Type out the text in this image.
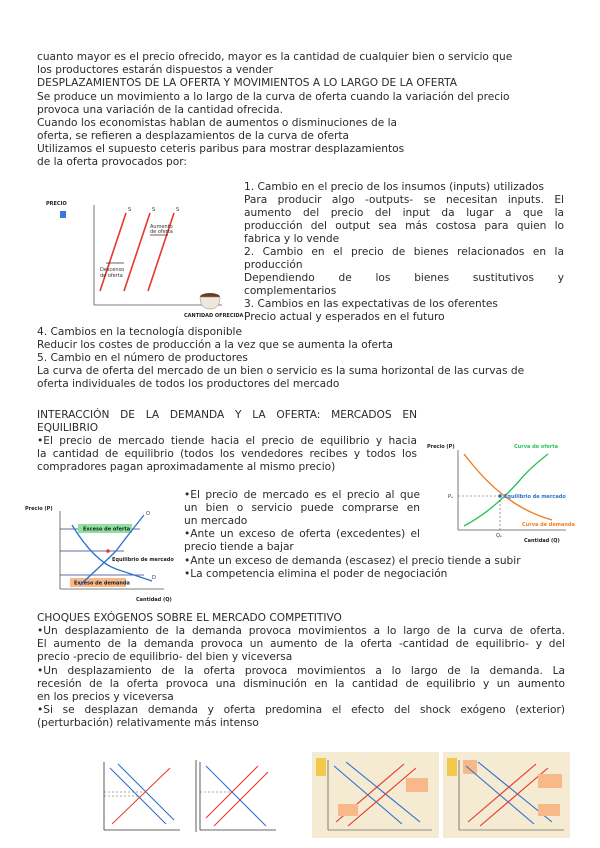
cuanto mayor es el precio ofrecido, mayor es la cantidad de cualquier bien o servicio que
los productores estarán dispuestos a vender
DESPLAZAMIENTOS DE LA OFERTA Y MOVIMIENTOS A LO LARGO DE LA OFERTA
Se produce un movimiento a lo largo de la curva de oferta cuando la variación del precio
provoca una variación de la cantidad ofrecida.
Cuando los economistas hablan de aumentos o disminuciones de la
oferta, se refieren a desplazamientos de la curva de oferta
Utilizamos el supuesto ceteris paribus para mostrar desplazamientos
de la oferta provocados por:
PRECIO
S	S	S
Aumento
de oferta
Descenso
de oferta
CANTIDAD OFRECIDA
1. Cambio en el precio de los insumos (inputs) utilizados
Para producir algo -outputs- se necesitan inputs. El
aumento del precio del input da lugar a que la
producción del output sea más costosa para quien lo
fabrica y lo vende
2. Cambio en el precio de bienes relacionados en la
producción
Dependiendo de los bienes sustitutivos y
complementarios
3. Cambios en las expectativas de los oferentes
Precio actual y esperados en el futuro
4. Cambios en la tecnología disponible
Reducir los costes de producción a la vez que se aumenta la oferta
5. Cambio en el número de productores
La curva de oferta del mercado de un bien o servicio es la suma horizontal de las curvas de
oferta individuales de todos los productores del mercado
INTERACCIÓN DE LA DEMANDA Y LA OFERTA: MERCADOS EN
EQUILIBRIO
•El precio de mercado tiende hacia el precio de equilibrio y hacia
la cantidad de equilibrio (todos los vendedores recibes y todos los
compradores pagan aproximadamente al mismo precio)
Precio (P)	Curva de oferta
Equilibrio de mercado
Curva de demanda
Pₑ
Qₑ
Cantidad (Q)
Precio (P)
Exceso de oferta
Exceso de demanda
Equilibrio de mercado
O
D
Cantidad (Q)
•El precio de mercado es el precio al que
un bien o servicio puede comprarse en
un mercado
•Ante un exceso de oferta (excedentes) el
precio tiende a bajar
•Ante un exceso de demanda (escasez) el precio tiende a subir
•La competencia elimina el poder de negociación
CHOQUES EXÓGENOS SOBRE EL MERCADO COMPETITIVO
•Un desplazamiento de la demanda provoca movimientos a lo largo de la curva de oferta.
El aumento de la demanda provoca un aumento de la oferta -cantidad de equilibrio- y del
precio -precio de equilibrio- del bien y viceversa
•Un desplazamiento de la oferta provoca movimientos a lo largo de la demanda. La
recesión de la oferta provoca una disminución en la cantidad de equilibrio y un aumento
en los precios y viceversa
•Si se desplazan demanda y oferta predomina el efecto del shock exógeno (exterior)
(perturbación) relativamente más intenso
